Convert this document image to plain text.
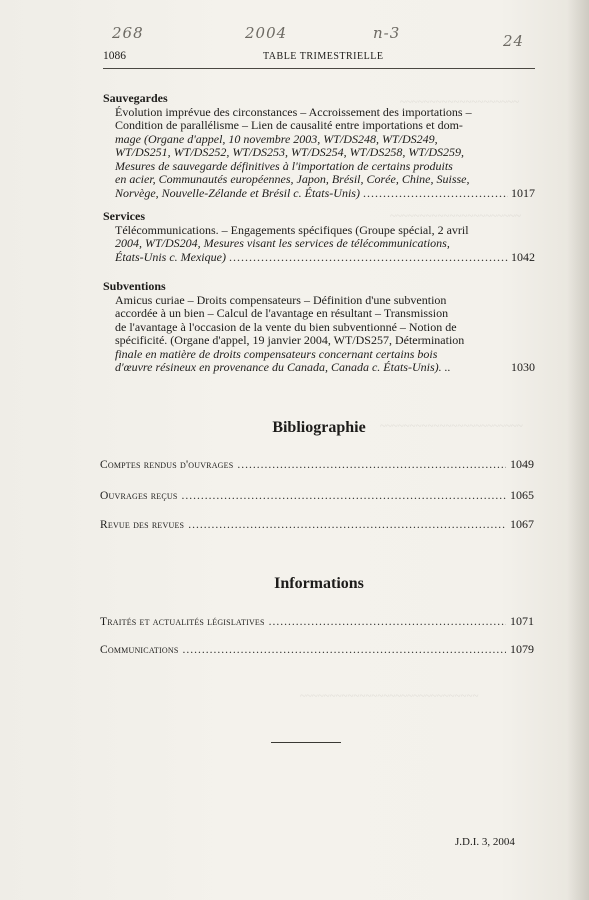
~~~~~~~~~~~~~~~~~~~~
~~~~~~~~~~~~~~~~~~~~~~
~~~~~~~~~~~~~~~~~~~~~~~~
~~~~~~~~~~~~~~~~~~~~~~~~~~~~~~
268	2004	n-3	24
1086	TABLE TRIMESTRIELLE
Sauvegardes
Évolution imprévue des circonstances – Accroissement des importations –
Condition de parallélisme – Lien de causalité entre importations et dom-
mage (Organe d'appel, 10 novembre 2003, WT/DS248, WT/DS249,
WT/DS251, WT/DS252, WT/DS253, WT/DS254, WT/DS258, WT/DS259,
Mesures de sauvegarde définitives à l'importation de certains produits
en acier, Communautés européennes, Japon, Brésil, Corée, Chine, Suisse,
Norvège, Nouvelle-Zélande et Brésil c. États-Unis) .....	1017
Services
Télécommunications. – Engagements spécifiques (Groupe spécial, 2 avril
2004, WT/DS204, Mesures visant les services de télécommunications,
États-Unis c. Mexique) .....	1042
Subventions
Amicus curiae – Droits compensateurs – Définition d'une subvention
accordée à un bien – Calcul de l'avantage en résultant – Transmission
de l'avantage à l'occasion de la vente du bien subventionné – Notion de
spécificité. (Organe d'appel, 19 janvier 2004, WT/DS257, Détermination
finale en matière de droits compensateurs concernant certains bois
d'œuvre résineux en provenance du Canada, Canada c. États-Unis). ..	1030
Bibliographie
Comptes rendus d'ouvrages .....	1049
Ouvrages reçus .....	1065
Revue des revues .....	1067
Informations
Traités et actualités législatives .....	1071
Communications .....	1079
J.D.I. 3, 2004
